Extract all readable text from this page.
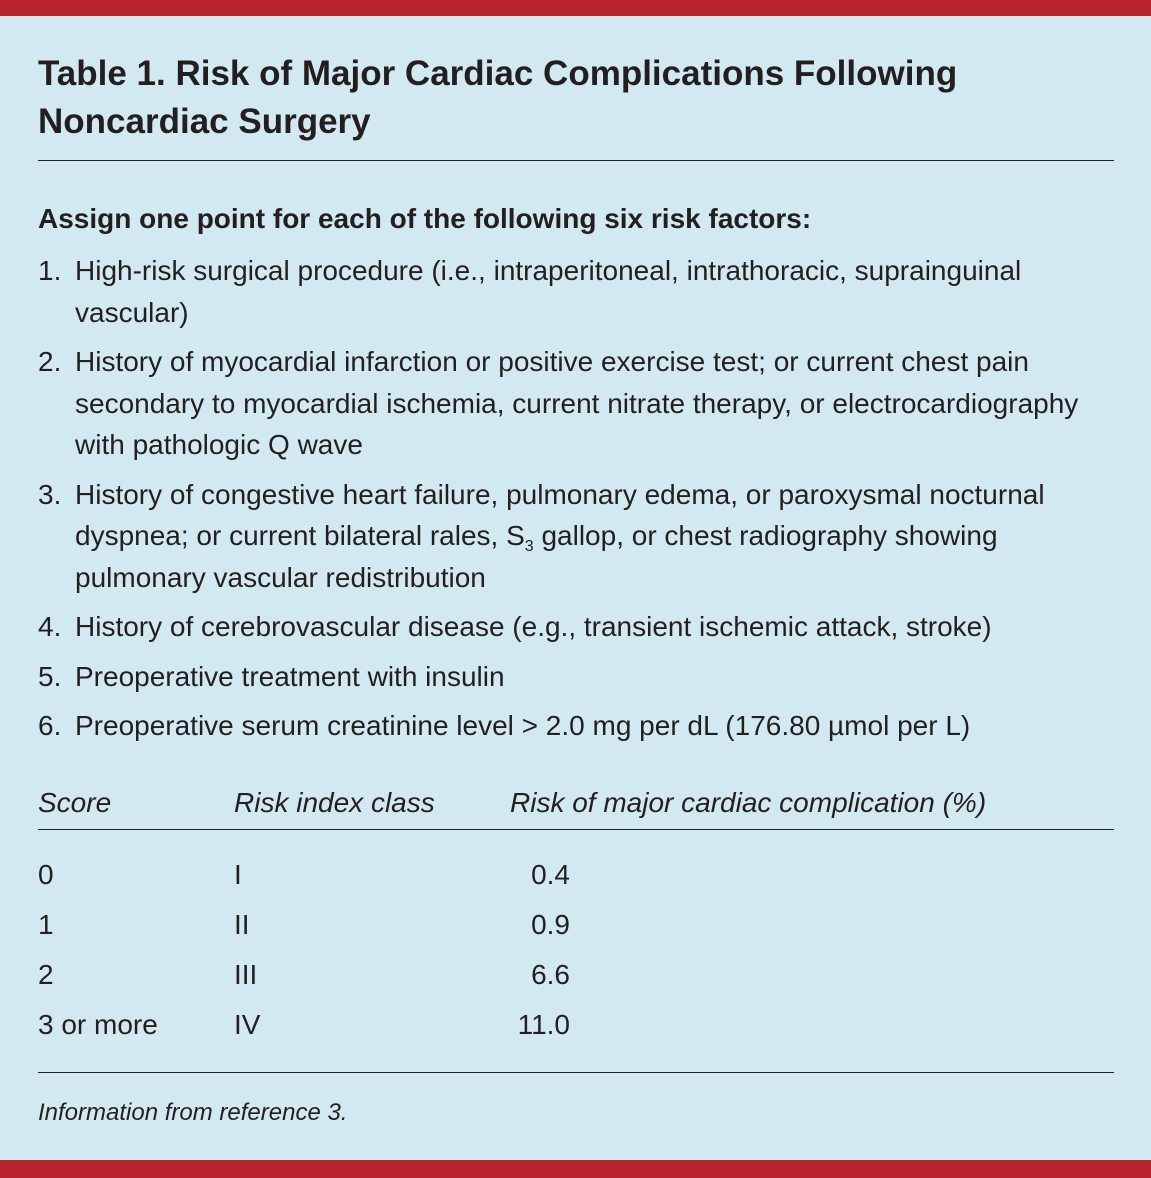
Table 1. Risk of Major Cardiac Complications Following Noncardiac Surgery

Assign one point for each of the following six risk factors:

1. High-risk surgical procedure (i.e., intraperitoneal, intrathoracic, suprainguinal vascular)
2. History of myocardial infarction or positive exercise test; or current chest pain secondary to myocardial ischemia, current nitrate therapy, or electrocardiography with pathologic Q wave
3. History of congestive heart failure, pulmonary edema, or paroxysmal nocturnal dyspnea; or current bilateral rales, $S_3$ gallop, or chest radiography showing pulmonary vascular redistribution
4. History of cerebrovascular disease (e.g., transient ischemic attack, stroke)
5. Preoperative treatment with insulin
6. Preoperative serum creatinine level > 2.0 mg per dL (176.80 µmol per L)
Score	Risk index class	Risk of major cardiac complication (%)

0	I	0.4
1	II	0.9
2	III	6.6
3 or more	IV	11.0

Information from reference 3.
